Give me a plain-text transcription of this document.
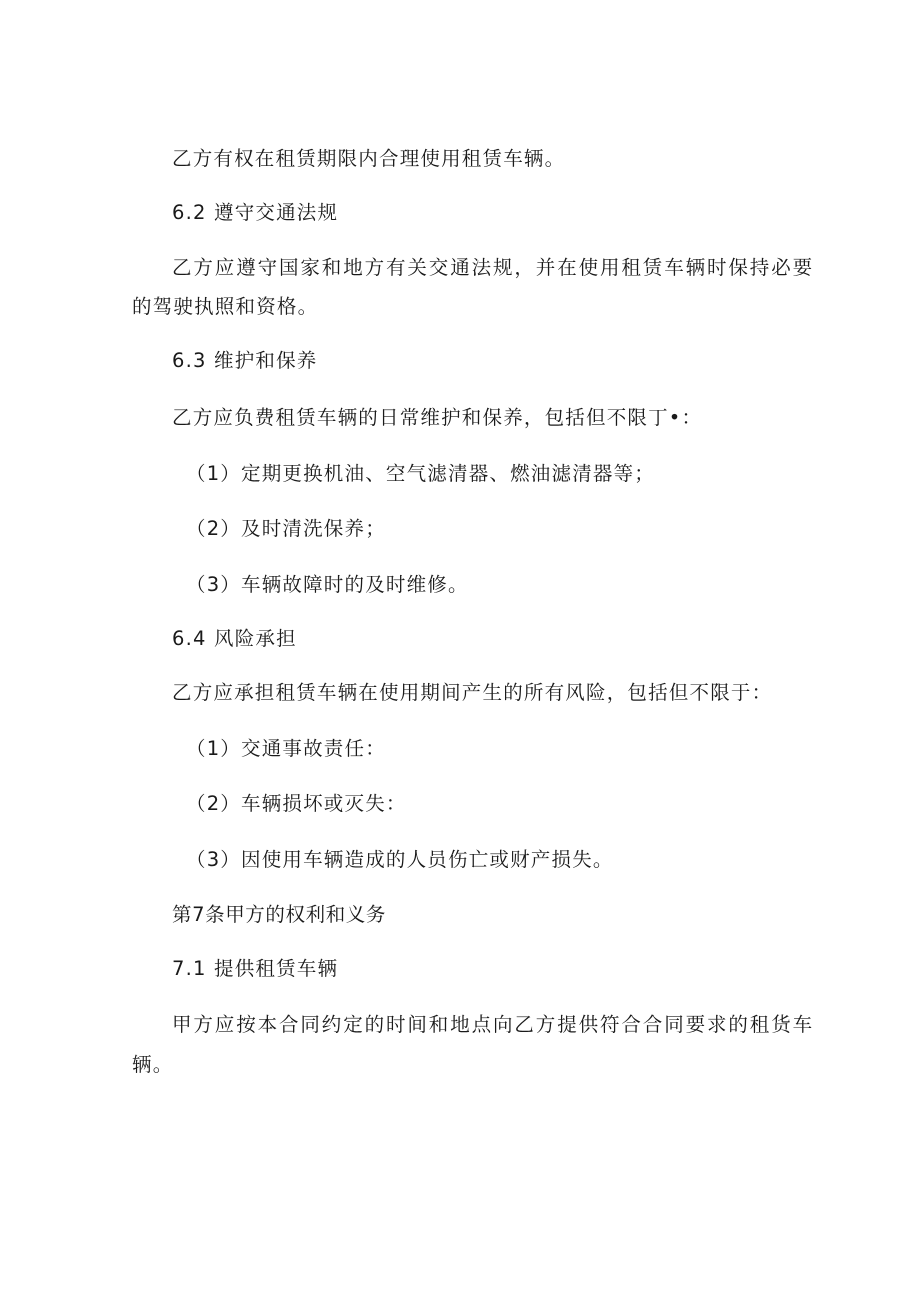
乙方有权在租赁期限内合理使用租赁车辆。
6.2 遵守交通法规
乙方应遵守国家和地方有关交通法规，并在使用租赁车辆时保持必要
的驾驶执照和资格。
6.3 维护和保养
乙方应负费租赁车辆的日常维护和保养，包括但不限丁•：
（1）定期更换机油、空气滤清器、燃油滤清器等；
（2）及时清洗保养；
（3）车辆故障时的及时维修。
6.4 风险承担
乙方应承担租赁车辆在使用期间产生的所有风险，包括但不限于：
（1）交通事故责任：
（2）车辆损坏或灭失：
（3）因使用车辆造成的人员伤亡或财产损失。
第7条甲方的权利和义务
7.1 提供租赁车辆
甲方应按本合同约定的时间和地点向乙方提供符合合同要求的租货车
辆。
